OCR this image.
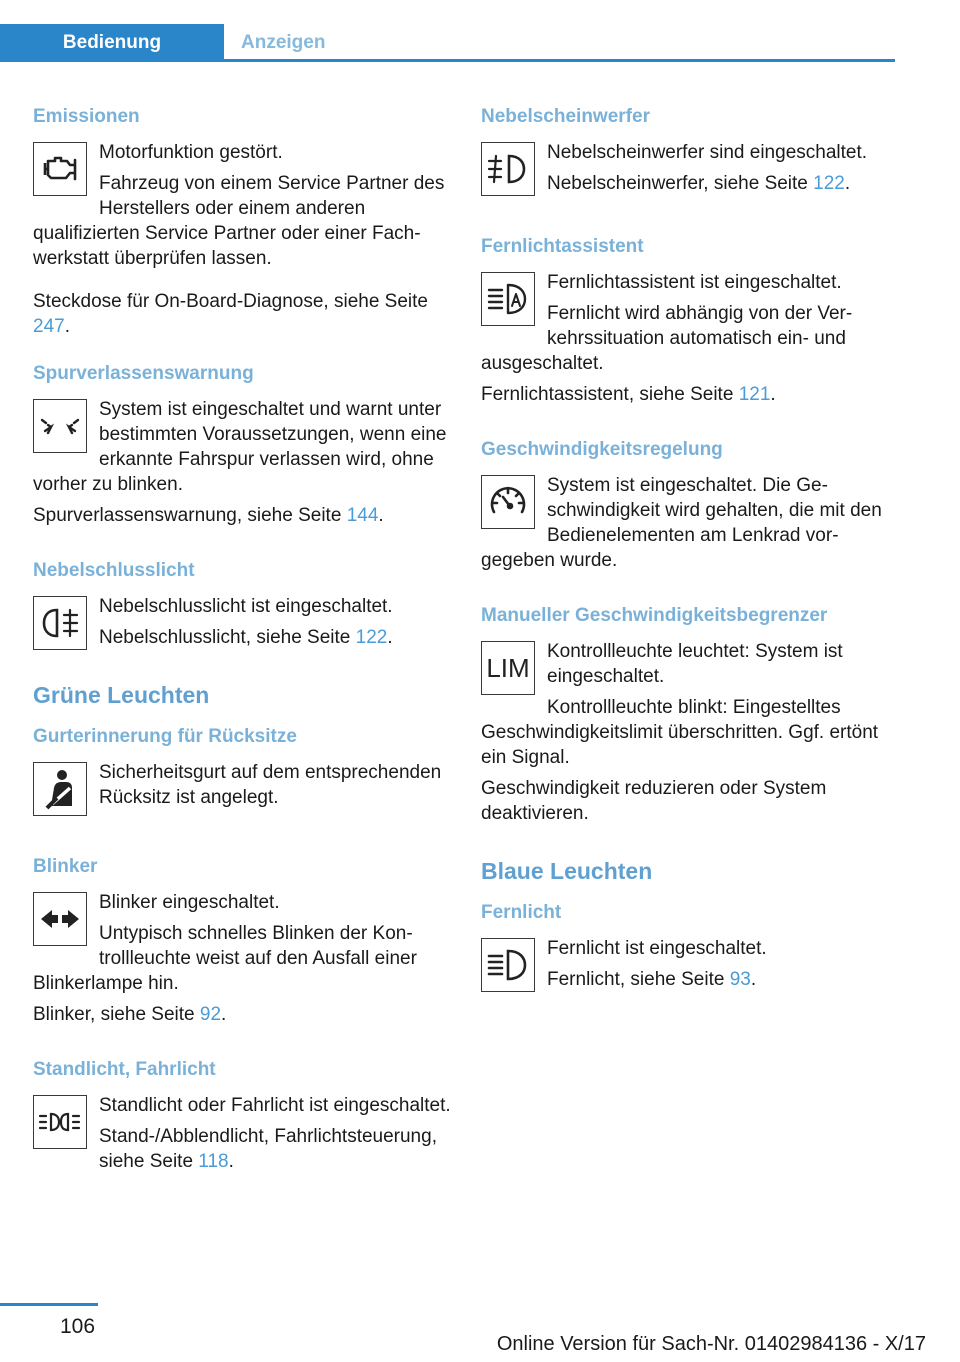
Bedienung	Anzeigen
Emissionen

Motorfunktion gestört.

Fahrzeug von einem Service Partner des Herstellers oder einem anderen qualifizierten Service Partner oder einer Fachwerkstatt überprüfen lassen.

Steckdose für On-Board-Diagnose, siehe Seite 247.

Spurverlassenswarnung

System ist eingeschaltet und warnt unter bestimmten Voraussetzungen, wenn eine erkannte Fahrspur verlassen wird, ohne vorher zu blinken.

Spurverlassenswarnung, siehe Seite 144.

Nebelschlusslicht

Nebelschlusslicht ist eingeschaltet.

Nebelschlusslicht, siehe Seite 122.

Grüne Leuchten
Gurterinnerung für Rücksitze

Sicherheitsgurt auf dem entsprechenden Rücksitz ist angelegt.

Blinker

Blinker eingeschaltet.

Untypisch schnelles Blinken der Kontrollleuchte weist auf den Ausfall einer Blinkerlampe hin.

Blinker, siehe Seite 92.

Standlicht, Fahrlicht

Standlicht oder Fahrlicht ist eingeschaltet.

Stand-/Abblendlicht, Fahrlichtsteuerung, siehe Seite 118.

Nebelscheinwerfer

Nebelscheinwerfer sind eingeschaltet.

Nebelscheinwerfer, siehe Seite 122.

Fernlichtassistent

Fernlichtassistent ist eingeschaltet.

Fernlicht wird abhängig von der Verkehrssituation automatisch ein- und ausgeschaltet.

Fernlichtassistent, siehe Seite 121.

Geschwindigkeitsregelung

System ist eingeschaltet. Die Geschwindigkeit wird gehalten, die mit den Bedienelementen am Lenkrad vorgegeben wurde.

Manueller Geschwindigkeitsbegrenzer
LIM

Kontrollleuchte leuchtet: System ist eingeschaltet.

Kontrollleuchte blinkt: Eingestelltes Geschwindigkeitslimit überschritten. Ggf. ertönt ein Signal.

Geschwindigkeit reduzieren oder System deaktivieren.

Blaue Leuchten
Fernlicht

Fernlicht ist eingeschaltet.

Fernlicht, siehe Seite 93.

106
Online Version für Sach-Nr. 01402984136 - X/17
